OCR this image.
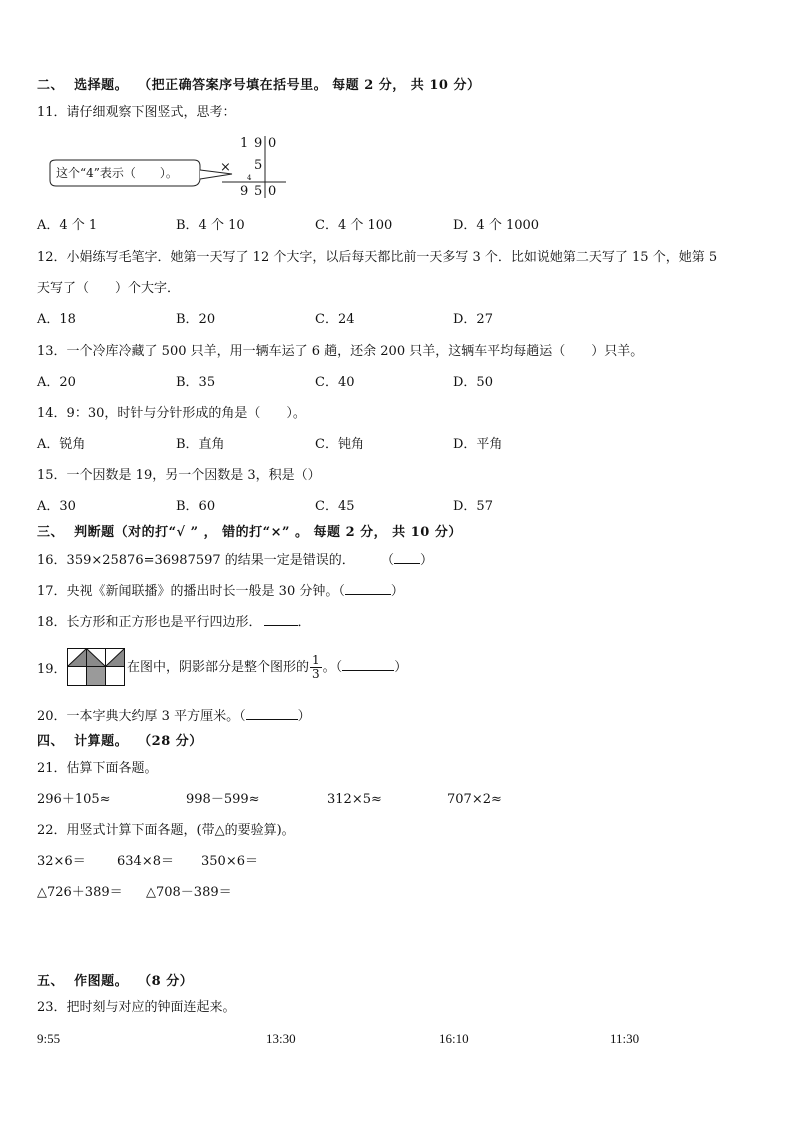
二、 选择题。 （把正确答案序号填在括号里。 每题 2 分， 共 10 分）
11．请仔细观察下图竖式，思考：
这个“4”表示（　　）。
1 9 0
× 5
4
9 5 0
A．4 个 1	B．4 个 10	C．4 个 100	D．4 个 1000
12．小娟练写毛笔字．她第一天写了 12 个大字，以后每天都比前一天多写 3 个．比如说她第二天写了 15 个，她第 5
天写了（　　）个大字．
A．18	B．20	C．24	D．27
13．一个冷库冷藏了 500 只羊，用一辆车运了 6 趟，还余 200 只羊，这辆车平均每趟运（　　）只羊。
A．20	B．35	C．40	D．50
14．9：30，时针与分针形成的角是（　　）。
A．锐角	B．直角	C．钝角	D．平角
15．一个因数是 19，另一个因数是 3，积是（）
A．30	B．60	C．45	D．57
三、 判断题（对的打“√ ” ， 错的打“×” 。 每题 2 分， 共 10 分）
16．359×25876=36987597 的结果一定是错误的． （ ）
17．央视《新闻联播》的播出时长一般是 30 分钟。（	）
18．长方形和正方形也是平行四边形．	．
19．	在图中，阴影部分是整个图形的 $\frac{1}{3}$ 。（	）
20．一本字典大约厚 3 平方厘米。（	）
四、 计算题。 （28 分）
21．估算下面各题。
296＋105≈	998－599≈	312×5≈	707×2≈
22．用竖式计算下面各题，(带△的要验算)。
32×6＝ 634×8＝ 350×6＝
△726＋389＝ △708－389＝
五、 作图题。 （8 分）
23．把时刻与对应的钟面连起来。
9:55	13:30	16:10	11:30
